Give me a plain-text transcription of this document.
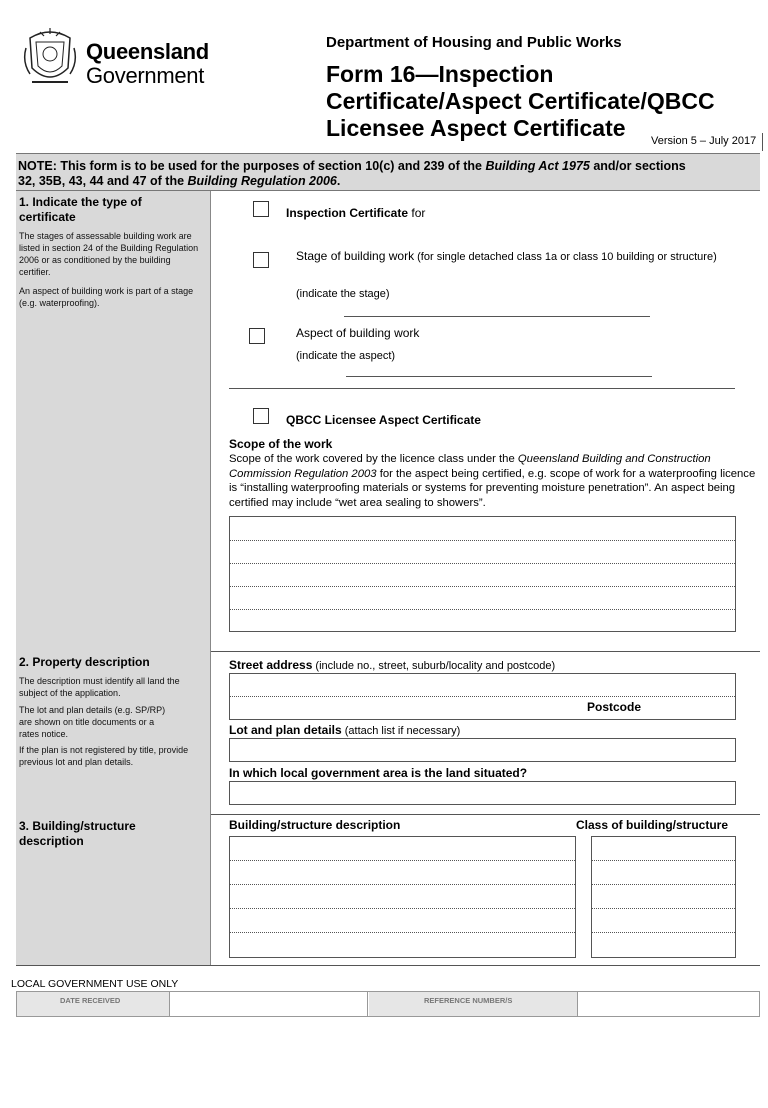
Queensland
Government
Department of Housing and Public Works
Form 16—Inspection
Certificate/Aspect Certificate/QBCC
Licensee Aspect Certificate Version 5 – July 2017
NOTE: This form is to be used for the purposes of section 10(c) and 239 of the Building Act 1975 and/or sections
32, 35B, 43, 44 and 47 of the Building Regulation 2006.
1. Indicate the type of certificate
The stages of assessable building work are listed in section 24 of the Building Regulation 2006 or as conditioned by the building certifier.
An aspect of building work is part of a stage (e.g. waterproofing).
Inspection Certificate for
Stage of building work (for single detached class 1a or class 10 building or structure)
(indicate the stage)
Aspect of building work
(indicate the aspect)
QBCC Licensee Aspect Certificate
Scope of the work
Scope of the work covered by the licence class under the Queensland Building and Construction Commission Regulation 2003 for the aspect being certified, e.g. scope of work for a waterproofing licence is “installing waterproofing materials or systems for preventing moisture penetration”. An aspect being certified may include “wet area sealing to showers”.
2. Property description
The description must identify all land the subject of the application.
The lot and plan details (e.g. SP/RP) are shown on title documents or a rates notice.
If the plan is not registered by title, provide previous lot and plan details.
Street address (include no., street, suburb/locality and postcode)
Postcode
Lot and plan details (attach list if necessary)
In which local government area is the land situated?
3. Building/structure description
Building/structure description	Class of building/structure
LOCAL GOVERNMENT USE ONLY
DATE RECEIVED	REFERENCE NUMBER/S
